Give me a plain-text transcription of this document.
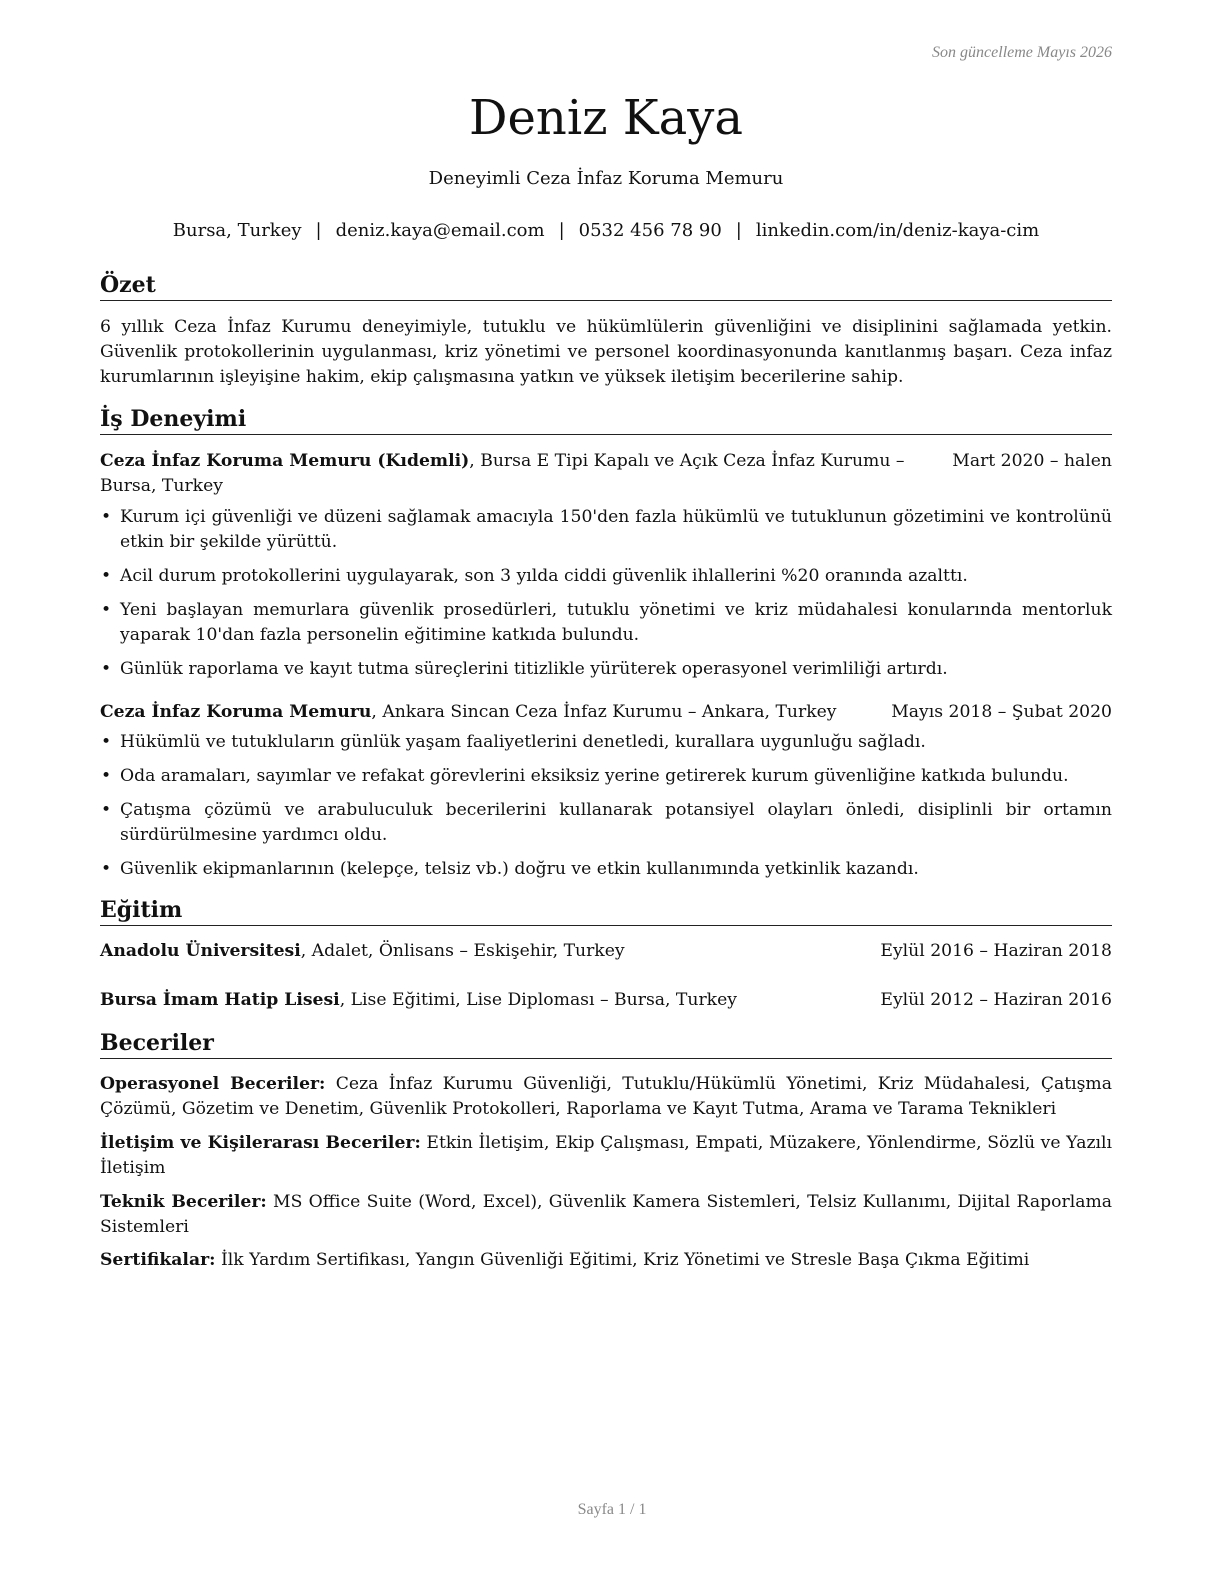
Son güncelleme Mayıs 2026
Deniz Kaya
Deneyimli Ceza İnfaz Koruma Memuru
Bursa, Turkey | deniz.kaya@email.com | 0532 456 78 90 | linkedin.com/in/deniz-kaya-cim
Özet
6 yıllık Ceza İnfaz Kurumu deneyimiyle, tutuklu ve hükümlülerin güvenliğini ve disiplinini sağlamada yetkin. Güvenlik protokollerinin uygulanması, kriz yönetimi ve personel koordinasyonunda kanıtlanmış başarı. Ceza infaz kurumlarının işleyişine hakim, ekip çalışmasına yatkın ve yüksek iletişim becerilerine sahip.
İş Deneyimi
Ceza İnfaz Koruma Memuru (Kıdemli), Bursa E Tipi Kapalı ve Açık Ceza İnfaz Kurumu – Bursa, Turkey
Mart 2020 – halen
• Kurum içi güvenliği ve düzeni sağlamak amacıyla 150'den fazla hükümlü ve tutuklunun gözetimini ve kontrolünü etkin bir şekilde yürüttü.
• Acil durum protokollerini uygulayarak, son 3 yılda ciddi güvenlik ihlallerini %20 oranında azalttı.
• Yeni başlayan memurlara güvenlik prosedürleri, tutuklu yönetimi ve kriz müdahalesi konularında mentorluk yaparak 10'dan fazla personelin eğitimine katkıda bulundu.
• Günlük raporlama ve kayıt tutma süreçlerini titizlikle yürüterek operasyonel verimliliği artırdı.
Ceza İnfaz Koruma Memuru, Ankara Sincan Ceza İnfaz Kurumu – Ankara, Turkey	Mayıs 2018 – Şubat 2020
• Hükümlü ve tutukluların günlük yaşam faaliyetlerini denetledi, kurallara uygunluğu sağladı.
• Oda aramaları, sayımlar ve refakat görevlerini eksiksiz yerine getirerek kurum güvenliğine katkıda bulundu.
• Çatışma çözümü ve arabuluculuk becerilerini kullanarak potansiyel olayları önledi, disiplinli bir ortamın sürdürülmesine yardımcı oldu.
• Güvenlik ekipmanlarının (kelepçe, telsiz vb.) doğru ve etkin kullanımında yetkinlik kazandı.
Eğitim
Anadolu Üniversitesi, Adalet, Önlisans – Eskişehir, Turkey	Eylül 2016 – Haziran 2018
Bursa İmam Hatip Lisesi, Lise Eğitimi, Lise Diploması – Bursa, Turkey	Eylül 2012 – Haziran 2016
Beceriler
Operasyonel Beceriler: Ceza İnfaz Kurumu Güvenliği, Tutuklu/Hükümlü Yönetimi, Kriz Müdahalesi, Çatışma Çözümü, Gözetim ve Denetim, Güvenlik Protokolleri, Raporlama ve Kayıt Tutma, Arama ve Tarama Teknikleri
İletişim ve Kişilerarası Beceriler: Etkin İletişim, Ekip Çalışması, Empati, Müzakere, Yönlendirme, Sözlü ve Yazılı İletişim
Teknik Beceriler: MS Office Suite (Word, Excel), Güvenlik Kamera Sistemleri, Telsiz Kullanımı, Dijital Raporlama Sistemleri
Sertifikalar: İlk Yardım Sertifikası, Yangın Güvenliği Eğitimi, Kriz Yönetimi ve Stresle Başa Çıkma Eğitimi
Sayfa 1 / 1
